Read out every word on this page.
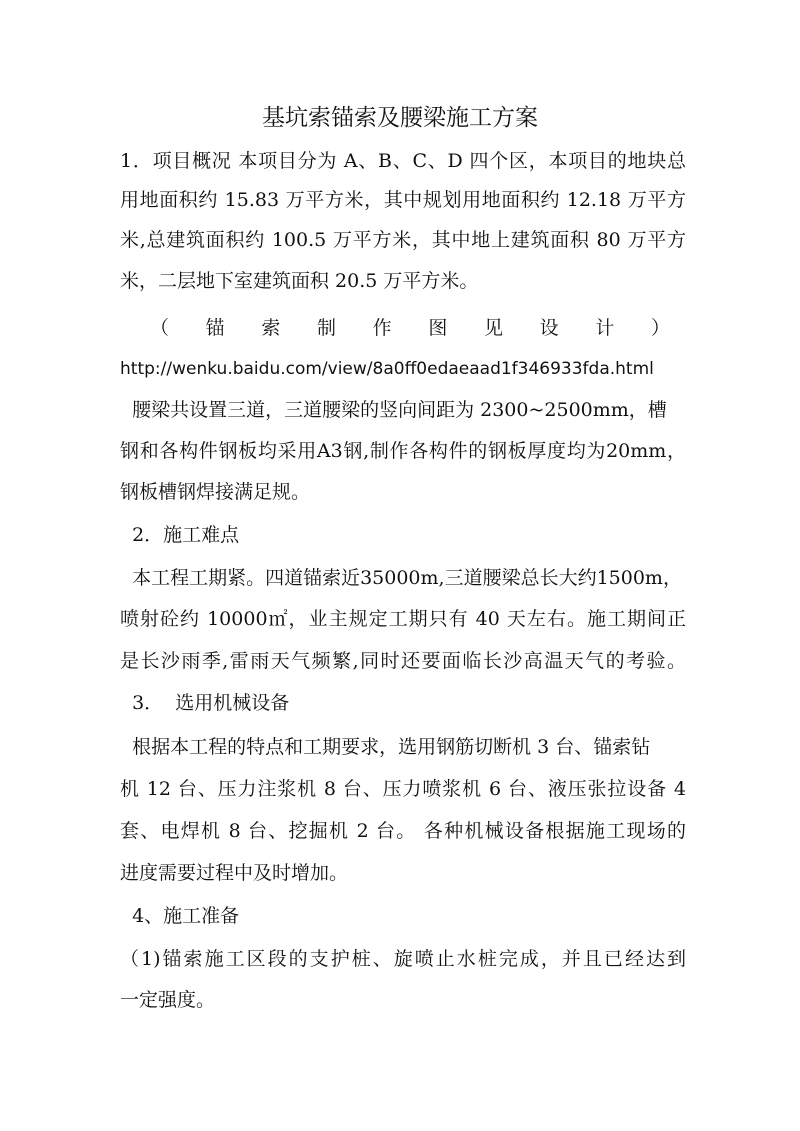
基坑索锚索及腰梁施工方案
1．项目概况 本项目分为 A、B、C、D 四个区，本项目的地块总
用地面积约 15.83 万平方米，其中规划用地面积约 12.18 万平方
米,总建筑面积约 100.5 万平方米，其中地上建筑面积 80 万平方
米，二层地下室建筑面积 20.5 万平方米。
（ 锚 索 制 作 图 见 设 计 ）
http://wenku.baidu.com/view/8a0ff0edaeaad1f346933fda.html
腰梁共设置三道，三道腰梁的竖向间距为 2300~2500mm，槽
钢和各构件钢板均采用A3钢,制作各构件的钢板厚度均为20mm，
钢板槽钢焊接满足规。
2．施工难点
本工程工期紧。四道锚索近35000m,三道腰梁总长大约1500m，
喷射砼约 10000㎡，业主规定工期只有 40 天左右。施工期间正
是长沙雨季,雷雨天气频繁,同时还要面临长沙高温天气的考验。
3．  选用机械设备
根据本工程的特点和工期要求，选用钢筋切断机 3 台、锚索钻
机 12 台、压力注浆机 8 台、压力喷浆机 6 台、液压张拉设备 4
套、电焊机 8 台、挖掘机 2 台。 各种机械设备根据施工现场的
进度需要过程中及时增加。
4、施工准备
（1)锚索施工区段的支护桩、旋喷止水桩完成，并且已经达到
一定强度。
